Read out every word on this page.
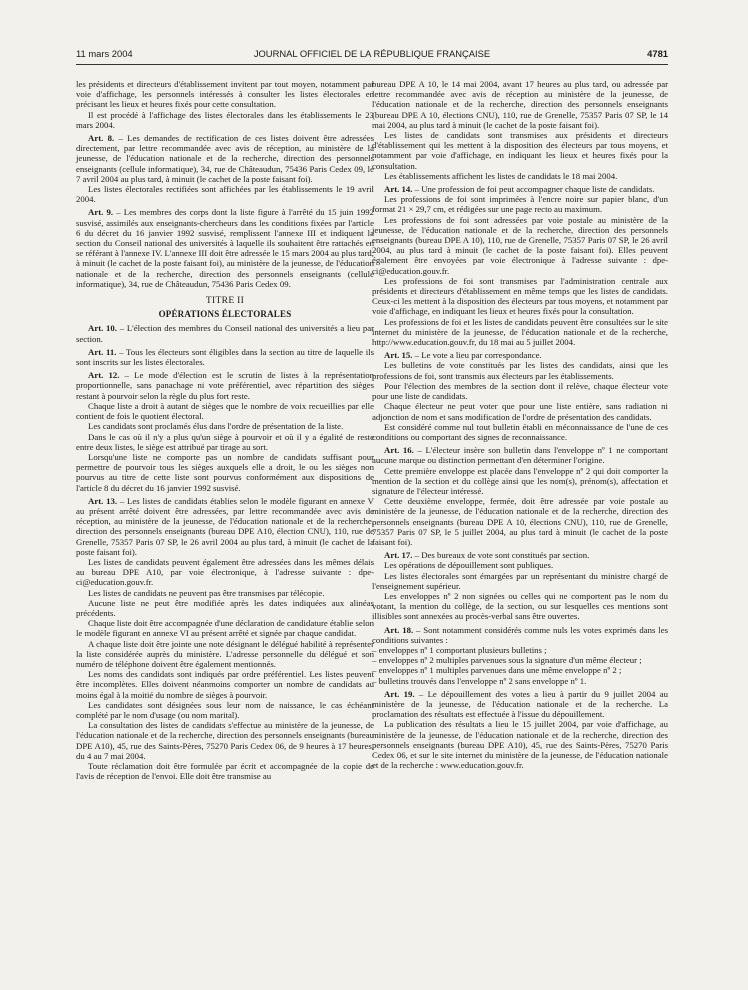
11 mars 2004	JOURNAL OFFICIEL DE LA RÉPUBLIQUE FRANÇAISE	4781

les présidents et directeurs d'établissement invitent par tout moyen, notamment par voie d'affichage, les personnels intéressés à consulter les listes électorales en précisant les lieux et heures fixés pour cette consultation.

Il est procédé à l'affichage des listes électorales dans les établissements le 23 mars 2004.

Art. 8. – Les demandes de rectification de ces listes doivent être adressées directement, par lettre recommandée avec avis de réception, au ministère de la jeunesse, de l'éducation nationale et de la recherche, direction des personnels enseignants (cellule informatique), 34, rue de Châteaudun, 75436 Paris Cedex 09, le 7 avril 2004 au plus tard, à minuit (le cachet de la poste faisant foi).

Les listes électorales rectifiées sont affichées par les établissements le 19 avril 2004.

Art. 9. – Les membres des corps dont la liste figure à l'arrêté du 15 juin 1992 susvisé, assimilés aux enseignants-chercheurs dans les conditions fixées par l'article 6 du décret du 16 janvier 1992 susvisé, remplissent l'annexe III et indiquent la section du Conseil national des universités à laquelle ils souhaitent être rattachés en se référant à l'annexe IV. L'annexe III doit être adressée le 15 mars 2004 au plus tard, à minuit (le cachet de la poste faisant foi), au ministère de la jeunesse, de l'éducation nationale et de la recherche, direction des personnels enseignants (cellule informatique), 34, rue de Châteaudun, 75436 Paris Cedex 09.

TITRE II

OPÉRATIONS ÉLECTORALES

Art. 10. – L'élection des membres du Conseil national des universités a lieu par section.

Art. 11. – Tous les électeurs sont éligibles dans la section au titre de laquelle ils sont inscrits sur les listes électorales.

Art. 12. – Le mode d'élection est le scrutin de listes à la représentation proportionnelle, sans panachage ni vote préférentiel, avec répartition des sièges restant à pourvoir selon la règle du plus fort reste.

Chaque liste a droit à autant de sièges que le nombre de voix recueillies par elle contient de fois le quotient électoral.

Les candidats sont proclamés élus dans l'ordre de présentation de la liste.

Dans le cas où il n'y a plus qu'un siège à pourvoir et où il y a égalité de reste entre deux listes, le siège est attribué par tirage au sort.

Lorsqu'une liste ne comporte pas un nombre de candidats suffisant pour permettre de pourvoir tous les sièges auxquels elle a droit, le ou les sièges non pourvus au titre de cette liste sont pourvus conformément aux dispositions de l'article 8 du décret du 16 janvier 1992 susvisé.

Art. 13. – Les listes de candidats établies selon le modèle figurant en annexe V au présent arrêté doivent être adressées, par lettre recommandée avec avis de réception, au ministère de la jeunesse, de l'éducation nationale et de la recherche, direction des personnels enseignants (bureau DPE A10, élection CNU), 110, rue de Grenelle, 75357 Paris 07 SP, le 26 avril 2004 au plus tard, à minuit (le cachet de la poste faisant foi).

Les listes de candidats peuvent également être adressées dans les mêmes délais au bureau DPE A10, par voie électronique, à l'adresse suivante : dpe-ci@education.gouv.fr.

Les listes de candidats ne peuvent pas être transmises par télécopie.

Aucune liste ne peut être modifiée après les dates indiquées aux alinéas précédents.

Chaque liste doit être accompagnée d'une déclaration de candidature établie selon le modèle figurant en annexe VI au présent arrêté et signée par chaque candidat.

A chaque liste doit être jointe une note désignant le délégué habilité à représenter la liste considérée auprès du ministère. L'adresse personnelle du délégué et son numéro de téléphone doivent être également mentionnés.

Les noms des candidats sont indiqués par ordre préférentiel. Les listes peuvent être incomplètes. Elles doivent néanmoins comporter un nombre de candidats au moins égal à la moitié du nombre de sièges à pourvoir.

Les candidates sont désignées sous leur nom de naissance, le cas échéant complété par le nom d'usage (ou nom marital).

La consultation des listes de candidats s'effectue au ministère de la jeunesse, de l'éducation nationale et de la recherche, direction des personnels enseignants (bureau DPE A10), 45, rue des Saints-Pères, 75270 Paris Cedex 06, de 9 heures à 17 heures, du 4 au 7 mai 2004.

Toute réclamation doit être formulée par écrit et accompagnée de la copie de l'avis de réception de l'envoi. Elle doit être transmise au

bureau DPE A 10, le 14 mai 2004, avant 17 heures au plus tard, ou adressée par lettre recommandée avec avis de réception au ministère de la jeunesse, de l'éducation nationale et de la recherche, direction des personnels enseignants (bureau DPE A 10, élections CNU), 110, rue de Grenelle, 75357 Paris 07 SP, le 14 mai 2004, au plus tard à minuit (le cachet de la poste faisant foi).

Les listes de candidats sont transmises aux présidents et directeurs d'établissement qui les mettent à la disposition des électeurs par tous moyens, et notamment par voie d'affichage, en indiquant les lieux et heures fixés pour la consultation.

Les établissements affichent les listes de candidats le 18 mai 2004.

Art. 14. – Une profession de foi peut accompagner chaque liste de candidats.

Les professions de foi sont imprimées à l'encre noire sur papier blanc, d'un format 21 × 29,7 cm, et rédigées sur une page recto au maximum.

Les professions de foi sont adressées par voie postale au ministère de la jeunesse, de l'éducation nationale et de la recherche, direction des personnels enseignants (bureau DPE A 10), 110, rue de Grenelle, 75357 Paris 07 SP, le 26 avril 2004, au plus tard à minuit (le cachet de la poste faisant foi). Elles peuvent également être envoyées par voie électronique à l'adresse suivante : dpe-ci@education.gouv.fr.

Les professions de foi sont transmises par l'administration centrale aux présidents et directeurs d'établissement en même temps que les listes de candidats. Ceux-ci les mettent à la disposition des électeurs par tous moyens, et notamment par voie d'affichage, en indiquant les lieux et heures fixés pour la consultation.

Les professions de foi et les listes de candidats peuvent être consultées sur le site internet du ministère de la jeunesse, de l'éducation nationale et de la recherche, http://www.education.gouv.fr, du 18 mai au 5 juillet 2004.

Art. 15. – Le vote a lieu par correspondance.

Les bulletins de vote constitués par les listes des candidats, ainsi que les professions de foi, sont transmis aux électeurs par les établissements.

Pour l'élection des membres de la section dont il relève, chaque électeur vote pour une liste de candidats.

Chaque électeur ne peut voter que pour une liste entière, sans radiation ni adjonction de nom et sans modification de l'ordre de présentation des candidats.

Est considéré comme nul tout bulletin établi en méconnaissance de l'une de ces conditions ou comportant des signes de reconnaissance.

Art. 16. – L'électeur insère son bulletin dans l'enveloppe nº 1 ne comportant aucune marque ou distinction permettant d'en déterminer l'origine.

Cette première enveloppe est placée dans l'enveloppe nº 2 qui doit comporter la mention de la section et du collège ainsi que les nom(s), prénom(s), affectation et signature de l'électeur intéressé.

Cette deuxième enveloppe, fermée, doit être adressée par voie postale au ministère de la jeunesse, de l'éducation nationale et de la recherche, direction des personnels enseignants (bureau DPE A 10, élections CNU), 110, rue de Grenelle, 75357 Paris 07 SP, le 5 juillet 2004, au plus tard à minuit (le cachet de la poste faisant foi).

Art. 17. – Des bureaux de vote sont constitués par section.

Les opérations de dépouillement sont publiques.

Les listes électorales sont émargées par un représentant du ministre chargé de l'enseignement supérieur.

Les enveloppes nº 2 non signées ou celles qui ne comportent pas le nom du votant, la mention du collège, de la section, ou sur lesquelles ces mentions sont illisibles sont annexées au procès-verbal sans être ouvertes.

Art. 18. – Sont notamment considérés comme nuls les votes exprimés dans les conditions suivantes :

– enveloppes nº 1 comportant plusieurs bulletins ;

– enveloppes nº 2 multiples parvenues sous la signature d'un même électeur ;

– enveloppes nº 1 multiples parvenues dans une même enveloppe nº 2 ;

– bulletins trouvés dans l'enveloppe nº 2 sans enveloppe nº 1.

Art. 19. – Le dépouillement des votes a lieu à partir du 9 juillet 2004 au ministère de la jeunesse, de l'éducation nationale et de la recherche. La proclamation des résultats est effectuée à l'issue du dépouillement.

La publication des résultats a lieu le 15 juillet 2004, par voie d'affichage, au ministère de la jeunesse, de l'éducation nationale et de la recherche, direction des personnels enseignants (bureau DPE A10), 45, rue des Saints-Pères, 75270 Paris Cedex 06, et sur le site internet du ministère de la jeunesse, de l'éducation nationale et de la recherche : www.education.gouv.fr.
